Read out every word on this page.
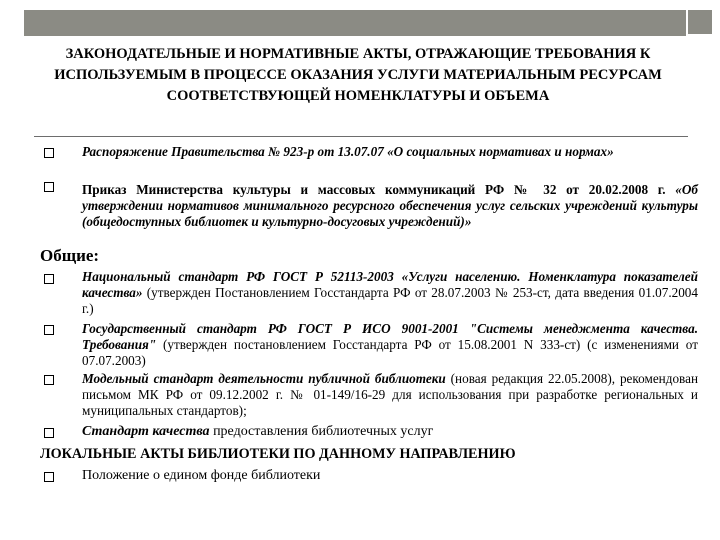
ЗАКОНОДАТЕЛЬНЫЕ И НОРМАТИВНЫЕ АКТЫ, ОТРАЖАЮЩИЕ ТРЕБОВАНИЯ К ИСПОЛЬЗУЕМЫМ В ПРОЦЕССЕ ОКАЗАНИЯ УСЛУГИ МАТЕРИАЛЬНЫМ РЕСУРСАМ СООТВЕТСТВУЮЩЕЙ НОМЕНКЛАТУРЫ И ОБЪЕМА
Распоряжение Правительства № 923-р от 13.07.07 «О социальных нормативах и нормах»
Приказ Министерства культуры и массовых коммуникаций РФ № 32 от 20.02.2008 г. «Об утверждении нормативов минимального ресурсного обеспечения услуг сельских учреждений культуры (общедоступных библиотек и культурно-досуговых учреждений)»
Общие:
Национальный стандарт РФ ГОСТ Р 52113-2003 «Услуги населению. Номенклатура показателей качества» (утвержден Постановлением Госстандарта РФ от 28.07.2003 № 253-ст, дата введения 01.07.2004 г.)
Государственный стандарт РФ ГОСТ Р ИСО 9001-2001 "Системы менеджмента качества. Требования" (утвержден постановлением Госстандарта РФ от 15.08.2001 N 333-ст) (с изменениями от 07.07.2003)
Модельный стандарт деятельности публичной библиотеки (новая редакция 22.05.2008), рекомендован письмом МК РФ от 09.12.2002 г. № 01-149/16-29 для использования при разработке региональных и муниципальных стандартов);
Стандарт качества предоставления библиотечных услуг
ЛОКАЛЬНЫЕ АКТЫ БИБЛИОТЕКИ ПО ДАННОМУ НАПРАВЛЕНИЮ
Положение о едином фонде библиотеки
